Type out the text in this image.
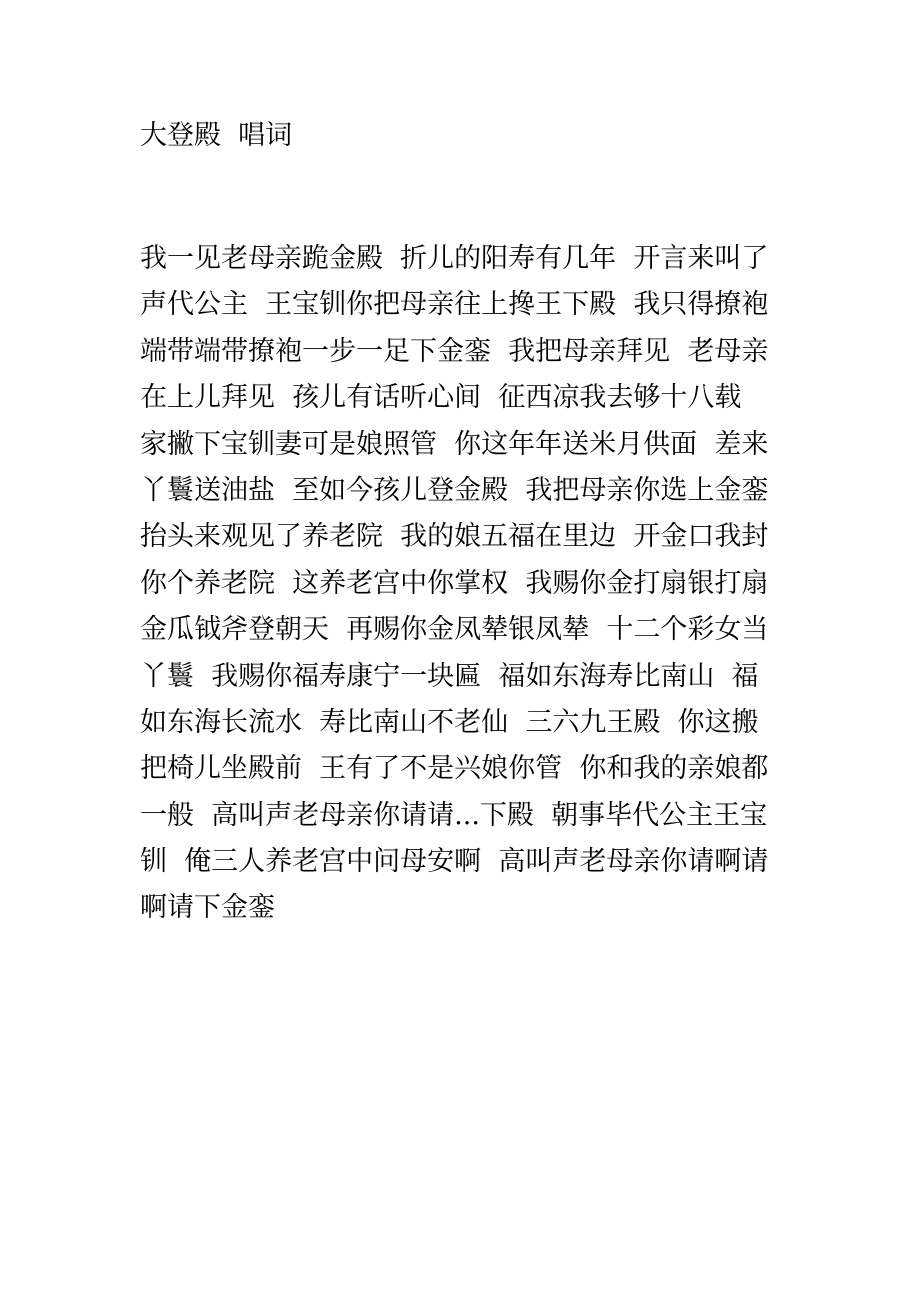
大登殿  唱词
我一见老母亲跪金殿  折儿的阳寿有几年  开言来叫了
声代公主  王宝钏你把母亲往上搀王下殿  我只得撩袍
端带端带撩袍一步一足下金銮  我把母亲拜见  老母亲
在上儿拜见  孩儿有话听心间  征西凉我去够十八载
家撇下宝钏妻可是娘照管  你这年年送米月供面  差来
丫鬟送油盐  至如今孩儿登金殿  我把母亲你选上金銮
抬头来观见了养老院  我的娘五福在里边  开金口我封
你个养老院  这养老宫中你掌权  我赐你金打扇银打扇
金瓜钺斧登朝天  再赐你金凤辇银凤辇  十二个彩女当
丫鬟  我赐你福寿康宁一块匾  福如东海寿比南山  福
如东海长流水  寿比南山不老仙  三六九王殿  你这搬
把椅儿坐殿前  王有了不是兴娘你管  你和我的亲娘都
一般  高叫声老母亲你请请...下殿  朝事毕代公主王宝
钏  俺三人养老宫中问母安啊  高叫声老母亲你请啊请
啊请下金銮
